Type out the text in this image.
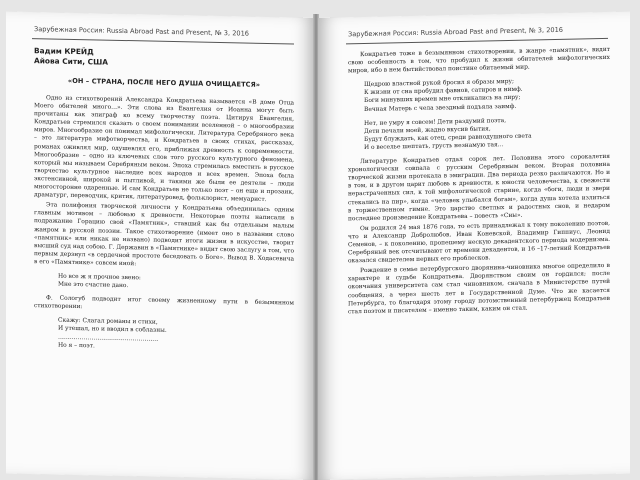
Зарубежная Россия: Russia Abroad Past and Present, № 3, 2016
Вадим КРЕЙД
Айова Сити, США
«ОН – СТРАНА, ПОСЛЕ НЕГО ДУША ОЧИЩАЕТСЯ»

Одно из стихотворений Александра Кондратьева называется «В доме Отца Моего обителей много…». Эти слова из Евангелия от Иоанна могут быть прочитаны как эпиграф ко всему творчеству поэта. Цитируя Евангелия, Кондратьев стремился сказать о своем понимании вселенной – о многообразии миров. Многообразие он понимал мифологически. Литература Серебряного века – это литература мифотворчества, и Кондратьев в своих стихах, рассказах, романах оживлял мир, одушевлял его, приближая древность к современности. Многообразие – одно из ключевых слов того русского культурного феномена, который мы называем Серебряным веком. Эпоха стремилась вместить в русское творчество культурное наследие всех народов и всех времен. Эпоха была экстенсивной, широкой и пытливой, и такими же были ее деятели – люди многосторонне одаренные. И сам Кондратьев не только поэт – он еще и прозаик, драматург, переводчик, критик, литературовед, фольклорист, мемуарист.

Эта полифония творческой личности у Кондратьева объединилась одним главным мотивом – любовью к древности. Некоторые поэты написали в подражание Горацию свой «Памятник», ставший как бы отдельным малым жанром в русской поэзии. Такое стихотворение (имеет оно в названии слово «памятник» или никак не названо) подводит итоги жизни в искусстве, творит высший суд над собою. Г. Державин в «Памятнике» видит свою заслугу в том, что первым дерзнул «в сердечной простоте беседовать о Боге». Вывод В. Ходасевича в его «Памятнике» совсем иной:

Но все ж я прочное звено:
Мне это счастие дано.

Ф. Сологуб подводит итог своему жизненному пути в безымянном стихотворении:

Скажу: Слагал романы и стихи,
И утешал, но и вводил в соблазны.
……………………………………………
Но я – поэт.
Зарубежная Россия: Russia Abroad Past and Present, № 3, 2016

Кондратьев тоже в безымянном стихотворении, в жанре «памятник», видит свою особенность в том, что пробудил к жизни обитателей мифологических миров, ибо в нем бытийствовал поистине обитаемый мир.

Щедрою властной рукой бросил я образы миру;
К жизни от сна пробудил фавнов, сатиров и нимф.
Боги минувших времен мне откликались на лиру;
Вечная Матерь с чела звездный подъяла заимф.
Нет, не умру я совсем! Дети раздумий поэта,
Дети печали моей, жадно вкусив бытия,
Будут блуждать, как отец, среди равнодушного света
И о веселье шептать, грусть незнамую тая…

Литературе Кондратьев отдал сорок лет. Половина этого сорокалетия хронологически совпала с русским Серебряным веком. Вторая половина творческой жизни протекала в эмиграции. Два периода резко различаются. Но и в том, и в другом царит любовь к древности, к юности человечества, к свежести нерастраченных сил, к той мифологической старине, когда «боги, люди и звери стекались на пир», когда «человек улыбался богам», когда душа хотела излиться в торжественном гимне. Это царство светлых и радостных снов, и недаром последнее произведение Кондратьева – повесть «Сны».

Он родился 24 мая 1876 года, то есть принадлежал к тому поколению поэтов, что и Александр Добролюбов, Иван Коневской, Владимир Гиппиус, Леонид Семенов, – к поколению, пропешему нескую декадентского периода модернизма. Серебряный век отсчитывают от времени декадентов, и 16 –17-летний Кондратьев оказался свидетелем первых его проблесков.

Рождение в семье петербургского дворянина-чиновника многое определило в характере и судьбе Кондратьева. Дворянством своим он гордился; после окончания университета сам стал чиновником, сначала в Министерстве путей сообщения, а через шесть лет в Государственной Думе. Что же касается Петербурга, то благодаря этому городу потомственный петербуржец Кондратьев стал поэтом и писателем – именно таким, каким он стал.
